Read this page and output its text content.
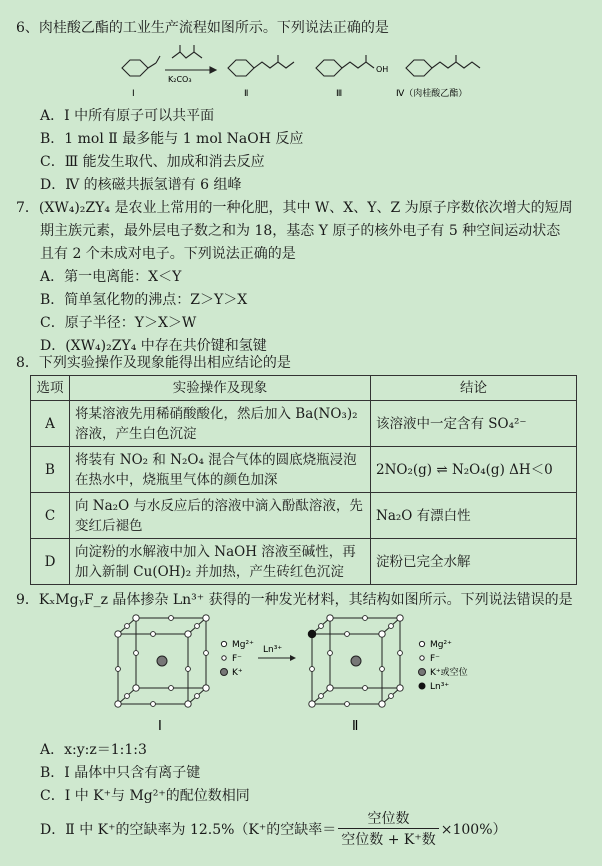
6、肉桂酸乙酯的工业生产流程如图所示。下列说法正确的是
K₂CO₃
OH
Ⅰ	Ⅱ	Ⅲ	Ⅳ（肉桂酸乙酯）
A．Ⅰ 中所有原子可以共平面
B．1 mol Ⅱ 最多能与 1 mol NaOH 反应
C．Ⅲ 能发生取代、加成和消去反应
D．Ⅳ 的核磁共振氢谱有 6 组峰
7．(XW₄)₂ZY₄ 是农业上常用的一种化肥，其中 W、X、Y、Z 为原子序数依次增大的短周
期主族元素，最外层电子数之和为 18，基态 Y 原子的核外电子有 5 种空间运动状态
且有 2 个未成对电子。下列说法正确的是
A．第一电离能：X＜Y
B．简单氢化物的沸点：Z＞Y＞X
C．原子半径：Y＞X＞W
D．(XW₄)₂ZY₄ 中存在共价键和氢键
8．下列实验操作及现象能得出相应结论的是
选项	实验操作及现象	结论
A	将某溶液先用稀硝酸酸化，然后加入 Ba(NO₃)₂ 溶液，产生白色沉淀	该溶液中一定含有 SO₄²⁻
B	将装有 NO₂ 和 N₂O₄ 混合气体的圆底烧瓶浸泡在热水中，烧瓶里气体的颜色加深	2NO₂(g) ⇌ N₂O₄(g) ΔH＜0
C	向 Na₂O 与水反应后的溶液中滴入酚酞溶液，先变红后褪色	Na₂O 有漂白性
D	向淀粉的水解液中加入 NaOH 溶液至碱性，再加入新制 Cu(OH)₂ 并加热，产生砖红色沉淀	淀粉已完全水解
9．KₓMgᵧF_z 晶体掺杂 Ln³⁺ 获得的一种发光材料，其结构如图所示。下列说法错误的是
Mg²⁺
F⁻
K⁺
Ln³⁺	Mg²⁺
F⁻
K⁺或空位
Ln³⁺
Ⅰ	Ⅱ
A．x:y:z＝1:1:3
B．Ⅰ 晶体中只含有离子键
C．Ⅰ 中 K⁺与 Mg²⁺的配位数相同
D．Ⅱ 中 K⁺的空缺率为 12.5%（K⁺的空缺率＝ $\frac{\text{空位数}}{\text{空位数 + K⁺数}} \times 100\%$）
